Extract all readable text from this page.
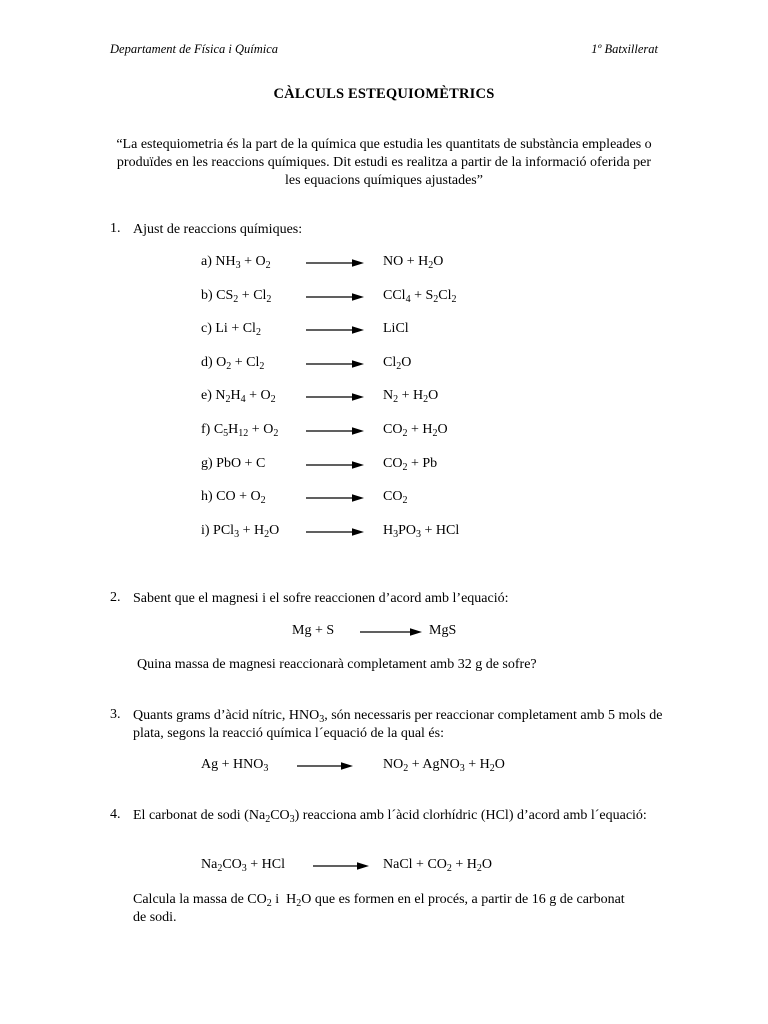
Departament de Física i Química	1º Batxillerat
CÀLCULS ESTEQUIOMÈTRICS
“La estequiometria és la part de la química que estudia les quantitats de substància empleades o produïdes en les reaccions químiques. Dit estudi es realitza a partir de la informació oferida per les equacions químiques ajustades”
1. Ajust de reaccions químiques:
a) $NH_3 + O_2$	NO + $H_2O$
b) $CS_2 + Cl_2$	$CCl_4 + S_2Cl_2$
c) $Li + Cl_2$	LiCl
d) $O_2 + Cl_2$	$Cl_2O$
e) $N_2H_4 + O_2$	$N_2 + H_2O$
f) $C_5H_{12} + O_2$	$CO_2 + H_2O$
g) PbO + C	$CO_2 + Pb$
h) CO + $O_2$	$CO_2$
i) $PCl_3 + H_2O$	$H_3PO_3$ + HCl
2. Sabent que el magnesi i el sofre reaccionen d’acord amb l’equació:
Mg + S	MgS
Quina massa de magnesi reaccionarà completament amb 32 g de sofre?
3. Quants grams d’àcid nítric, $HNO_3$, són necessaris per reaccionar completament amb 5 mols de plata, segons la reacció química l´equació de la qual és:
$Ag + HNO_3$	$NO_2$ + AgNO$_3$ + $H_2O$
4. El carbonat de sodi $(Na_2CO_3)$ reacciona amb l´àcid clorhídric (HCl) d’acord amb l´equació:
$Na_2CO_3$ + HCl → NaCl + $CO_2 + H_2O$
Calcula la massa de $CO_2$ i  $H_2O$ que es formen en el procés, a partir de 16 g de carbonat de sodi.
